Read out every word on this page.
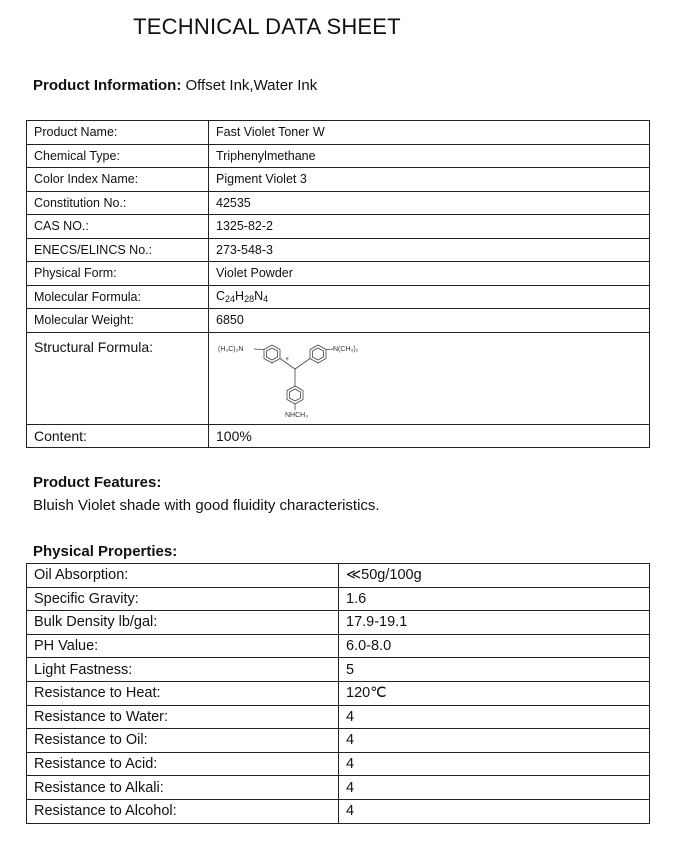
TECHNICAL DATA SHEET
Product Information: Offset Ink,Water Ink
Product Name:	Fast Violet Toner W
Chemical Type:	Triphenylmethane
Color Index Name:	Pigment Violet 3
Constitution No.:	42535
CAS NO.:	1325-82-2
ENECS/ELINCS No.:	273-548-3
Physical Form:	Violet Powder
Molecular Formula:	$C_{24}H_{28}N_4$
Molecular Weight:	6850
Structural Formula:	(H₃C)₂N N(CH₃)₂
NHCH₃
+

Content:	100%
Product Features:
Bluish Violet shade with good fluidity characteristics.
Physical Properties:
Oil Absorption:	≪50g/100g
Specific Gravity:	1.6
Bulk Density lb/gal:	17.9-19.1
PH Value:	6.0-8.0
Light Fastness:	5
Resistance to Heat:	120℃
Resistance to Water:	4
Resistance to Oil:	4
Resistance to Acid:	4
Resistance to Alkali:	4
Resistance to Alcohol:	4
